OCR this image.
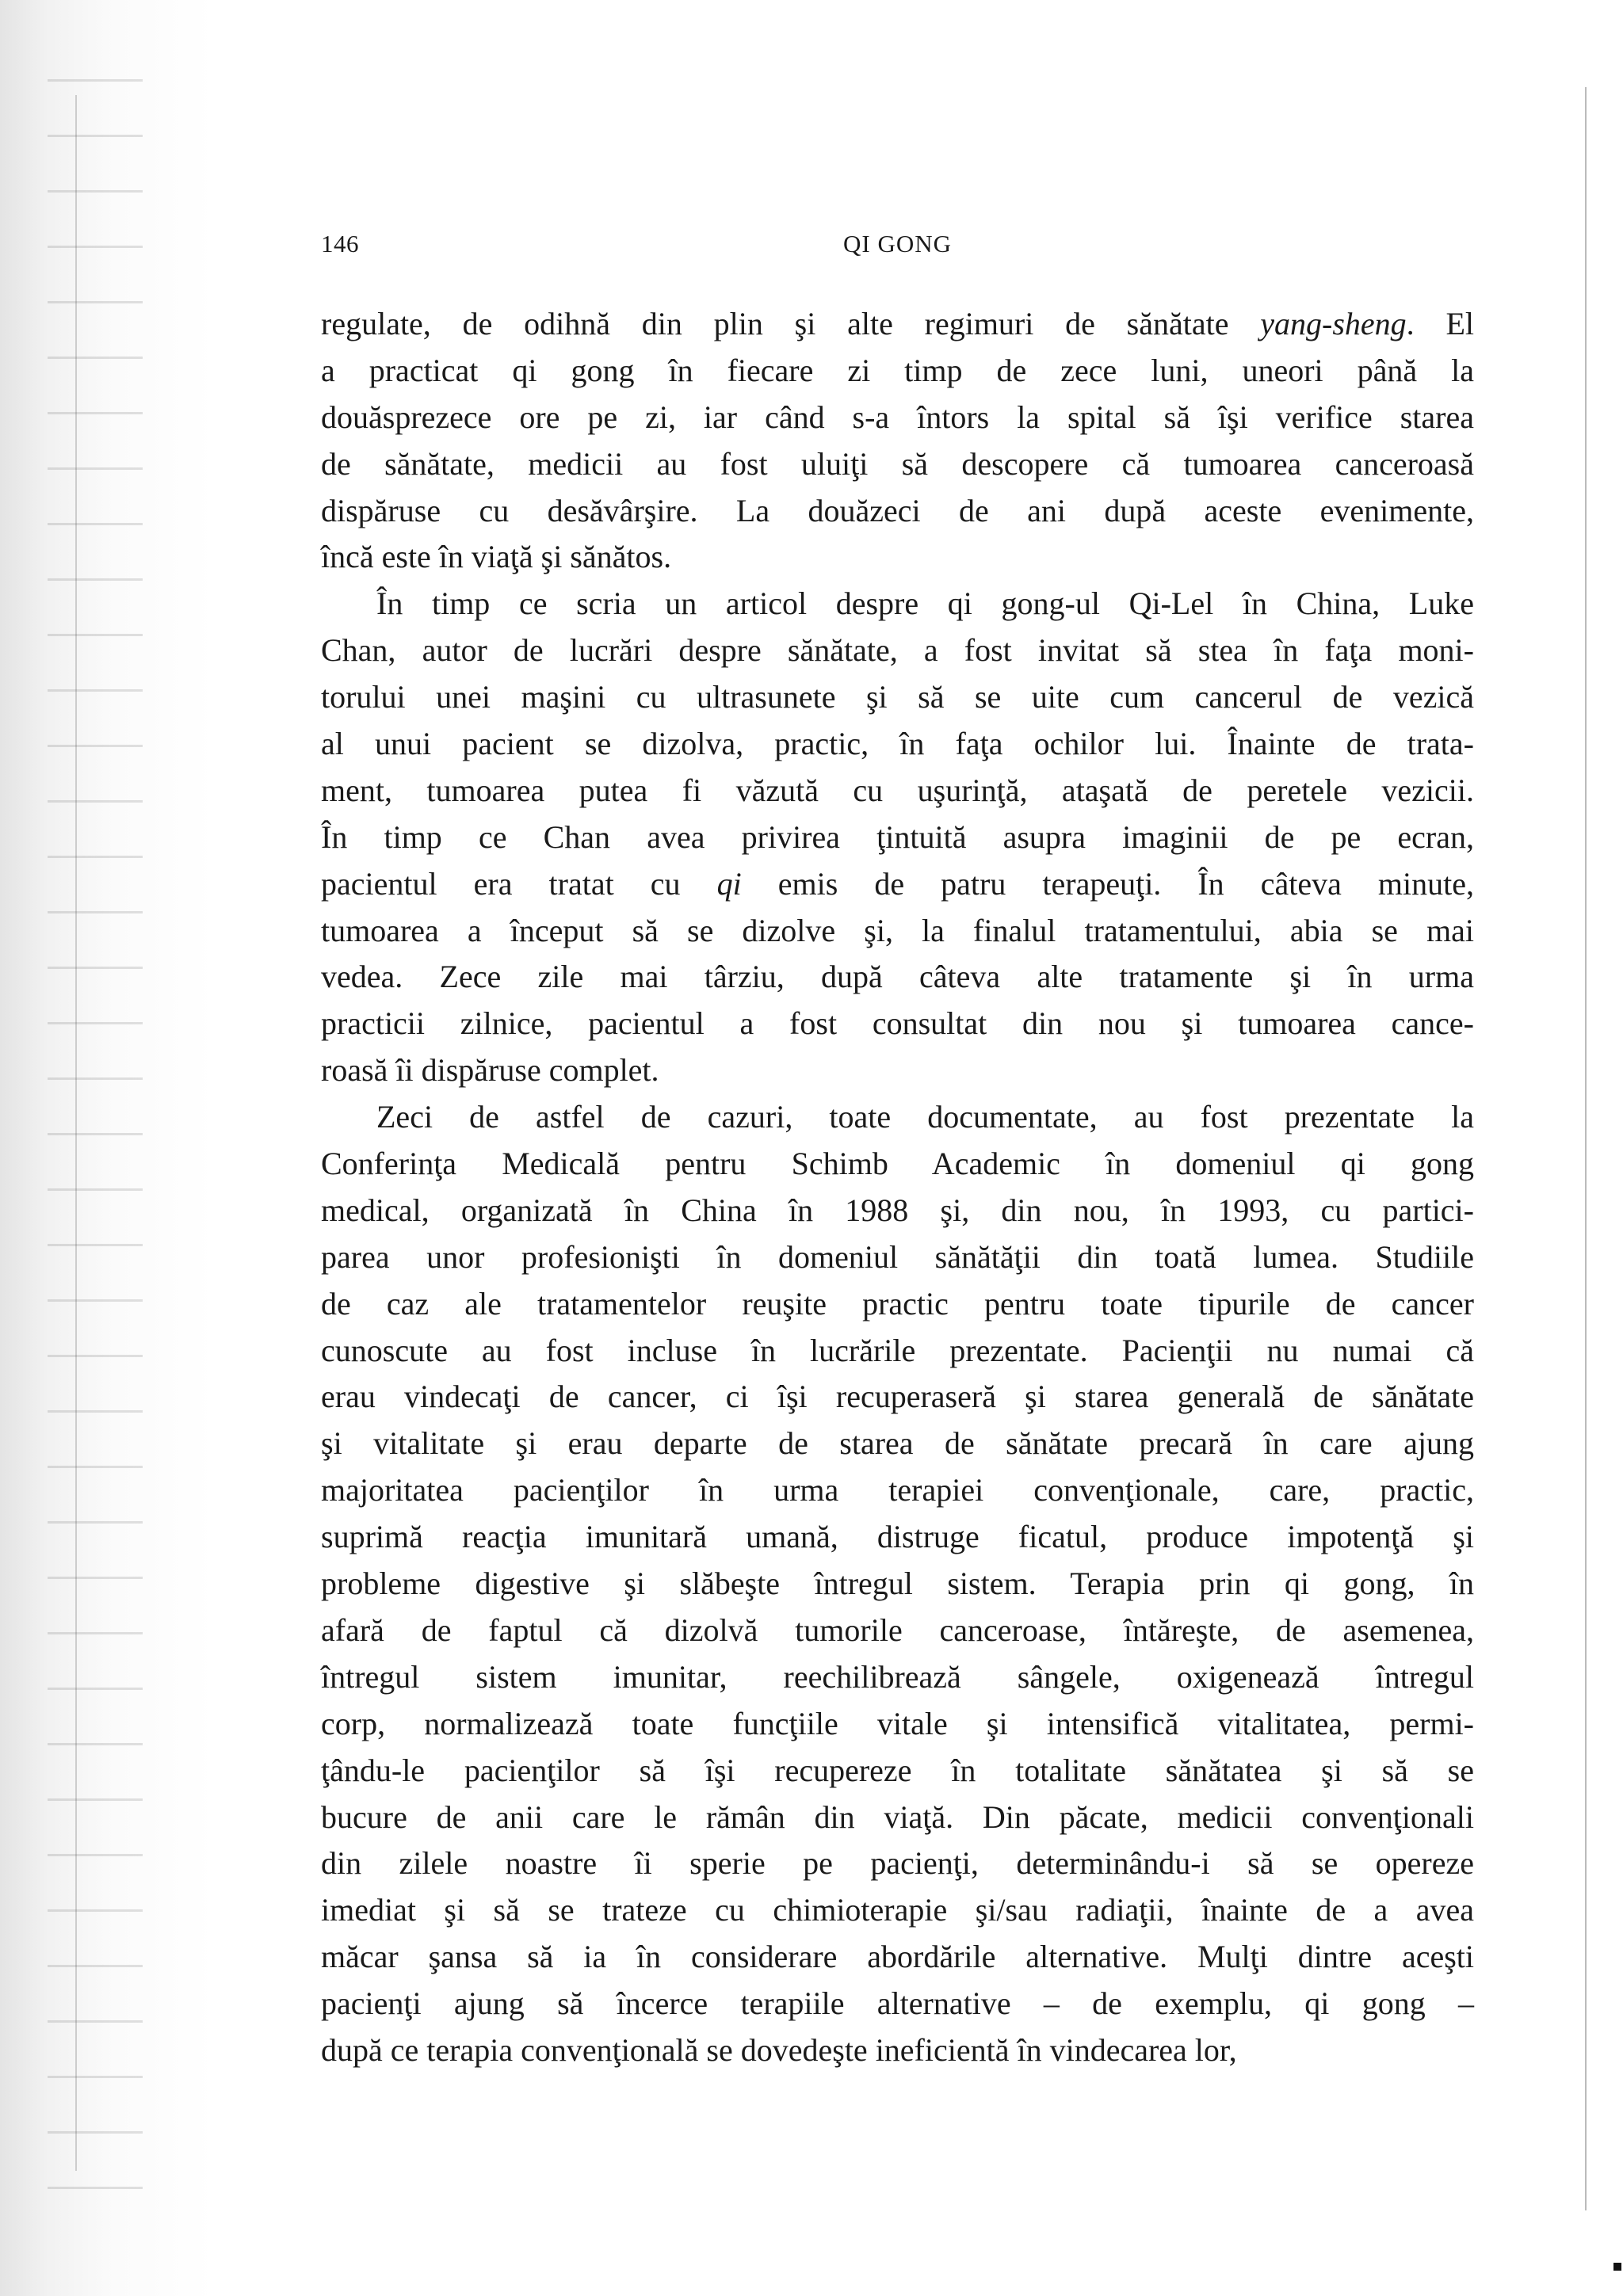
146	QI GONG
regulate, de odihnă din plin şi alte regimuri de sănătate yang-sheng. El
a practicat qi gong în fiecare zi timp de zece luni, uneori până la
douăsprezece ore pe zi, iar când s-a întors la spital să îşi verifice starea
de sănătate, medicii au fost uluiţi să descopere că tumoarea canceroasă
dispăruse cu desăvârşire. La douăzeci de ani după aceste evenimente,
încă este în viaţă şi sănătos.
În timp ce scria un articol despre qi gong-ul Qi-Lel în China, Luke
Chan, autor de lucrări despre sănătate, a fost invitat să stea în faţa moni-
torului unei maşini cu ultrasunete şi să se uite cum cancerul de vezică
al unui pacient se dizolva, practic, în faţa ochilor lui. Înainte de trata-
ment, tumoarea putea fi văzută cu uşurinţă, ataşată de peretele vezicii.
În timp ce Chan avea privirea ţintuită asupra imaginii de pe ecran,
pacientul era tratat cu qi emis de patru terapeuţi. În câteva minute,
tumoarea a început să se dizolve şi, la finalul tratamentului, abia se mai
vedea. Zece zile mai târziu, după câteva alte tratamente şi în urma
practicii zilnice, pacientul a fost consultat din nou şi tumoarea cance-
roasă îi dispăruse complet.
Zeci de astfel de cazuri, toate documentate, au fost prezentate la
Conferinţa Medicală pentru Schimb Academic în domeniul qi gong
medical, organizată în China în 1988 şi, din nou, în 1993, cu partici-
parea unor profesionişti în domeniul sănătăţii din toată lumea. Studiile
de caz ale tratamentelor reuşite practic pentru toate tipurile de cancer
cunoscute au fost incluse în lucrările prezentate. Pacienţii nu numai că
erau vindecaţi de cancer, ci îşi recuperaseră şi starea generală de sănătate
şi vitalitate şi erau departe de starea de sănătate precară în care ajung
majoritatea pacienţilor în urma terapiei convenţionale, care, practic,
suprimă reacţia imunitară umană, distruge ficatul, produce impotenţă şi
probleme digestive şi slăbeşte întregul sistem. Terapia prin qi gong, în
afară de faptul că dizolvă tumorile canceroase, întăreşte, de asemenea,
întregul sistem imunitar, reechilibrează sângele, oxigenează întregul
corp, normalizează toate funcţiile vitale şi intensifică vitalitatea, permi-
ţându-le pacienţilor să îşi recupereze în totalitate sănătatea şi să se
bucure de anii care le rămân din viaţă. Din păcate, medicii convenţionali
din zilele noastre îi sperie pe pacienţi, determinându-i să se opereze
imediat şi să se trateze cu chimioterapie şi/sau radiaţii, înainte de a avea
măcar şansa să ia în considerare abordările alternative. Mulţi dintre aceşti
pacienţi ajung să încerce terapiile alternative – de exemplu, qi gong –
după ce terapia convenţională se dovedeşte ineficientă în vindecarea lor,
